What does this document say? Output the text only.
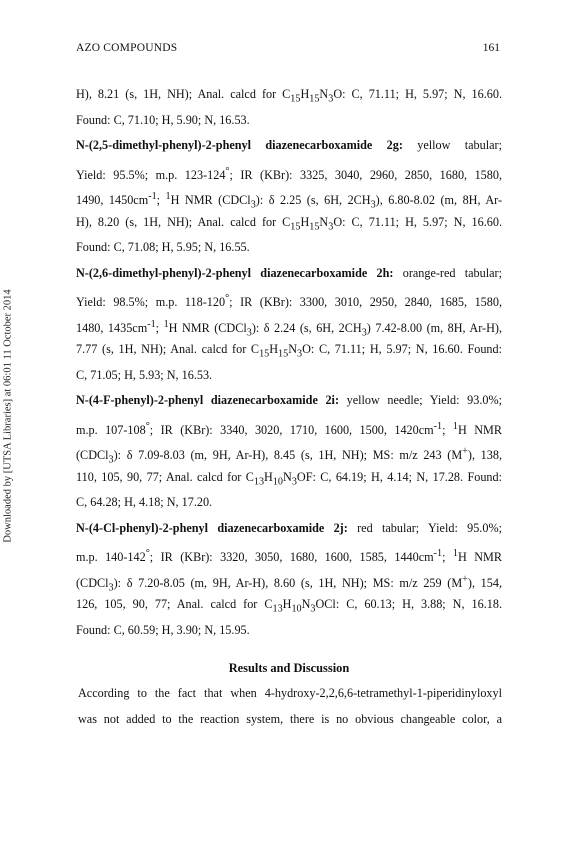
AZO COMPOUNDS	161
Downloaded by [UTSA Libraries] at 06:01 11 October 2014
H), 8.21 (s, 1H, NH); Anal. calcd for $C_{15}H_{15}N_3O$: C, 71.11; H, 5.97; N, 16.60.
Found: C, 71.10; H, 5.90; N, 16.53.
N-(2,5-dimethyl-phenyl)-2-phenyl diazenecarboxamide 2g: yellow tabular;
Yield: 95.5%; m.p. 123-124°; IR (KBr): 3325, 3040, 2960, 2850, 1680, 1580,
1490, $1450cm^{-1}$; $^1$H NMR (CDCl$_3$): δ 2.25 (s, 6H, $2CH_3$), 6.80-8.02 (m, 8H, Ar-
H), 8.20 (s, 1H, NH); Anal. calcd for $C_{15}H_{15}N_3O$: C, 71.11; H, 5.97; N, 16.60.
Found: C, 71.08; H, 5.95; N, 16.55.
N-(2,6-dimethyl-phenyl)-2-phenyl diazenecarboxamide 2h: orange-red tabular;
Yield: 98.5%; m.p. 118-120°; IR (KBr): 3300, 3010, 2950, 2840, 1685, 1580,
1480, $1435cm^{-1}$; $^1$H NMR (CDCl$_3$): δ 2.24 (s, 6H, $2CH_3$) 7.42-8.00 (m, 8H, Ar-H),
7.77 (s, 1H, NH); Anal. calcd for $C_{15}H_{15}N_3O$: C, 71.11; H, 5.97; N, 16.60. Found:
C, 71.05; H, 5.93; N, 16.53.
N-(4-F-phenyl)-2-phenyl diazenecarboxamide 2i: yellow needle; Yield: 93.0%;
m.p. 107-108°; IR (KBr): 3340, 3020, 1710, 1600, 1500, $1420cm^{-1}$; $^1$H NMR
(CDCl$_3$): δ 7.09-8.03 (m, 9H, Ar-H), 8.45 (s, 1H, NH); MS: m/z 243 (M+), 138,
110, 105, 90, 77; Anal. calcd for $C_{13}H_{10}N_3OF$: C, 64.19; H, 4.14; N, 17.28. Found:
C, 64.28; H, 4.18; N, 17.20.
N-(4-Cl-phenyl)-2-phenyl diazenecarboxamide 2j: red tabular; Yield: 95.0%;
m.p. 140-142°; IR (KBr): 3320, 3050, 1680, 1600, 1585, $1440cm^{-1}$; $^1$H NMR
(CDCl$_3$): δ 7.20-8.05 (m, 9H, Ar-H), 8.60 (s, 1H, NH); MS: m/z 259 (M+), 154,
126, 105, 90, 77; Anal. calcd for $C_{13}H_{10}N_3OCl$: C, 60.13; H, 3.88; N, 16.18.
Found: C, 60.59; H, 3.90; N, 15.95.
Results and Discussion
According to the fact that when 4-hydroxy-2,2,6,6-tetramethyl-1-piperidinyloxyl
was not added to the reaction system, there is no obvious changeable color, a
